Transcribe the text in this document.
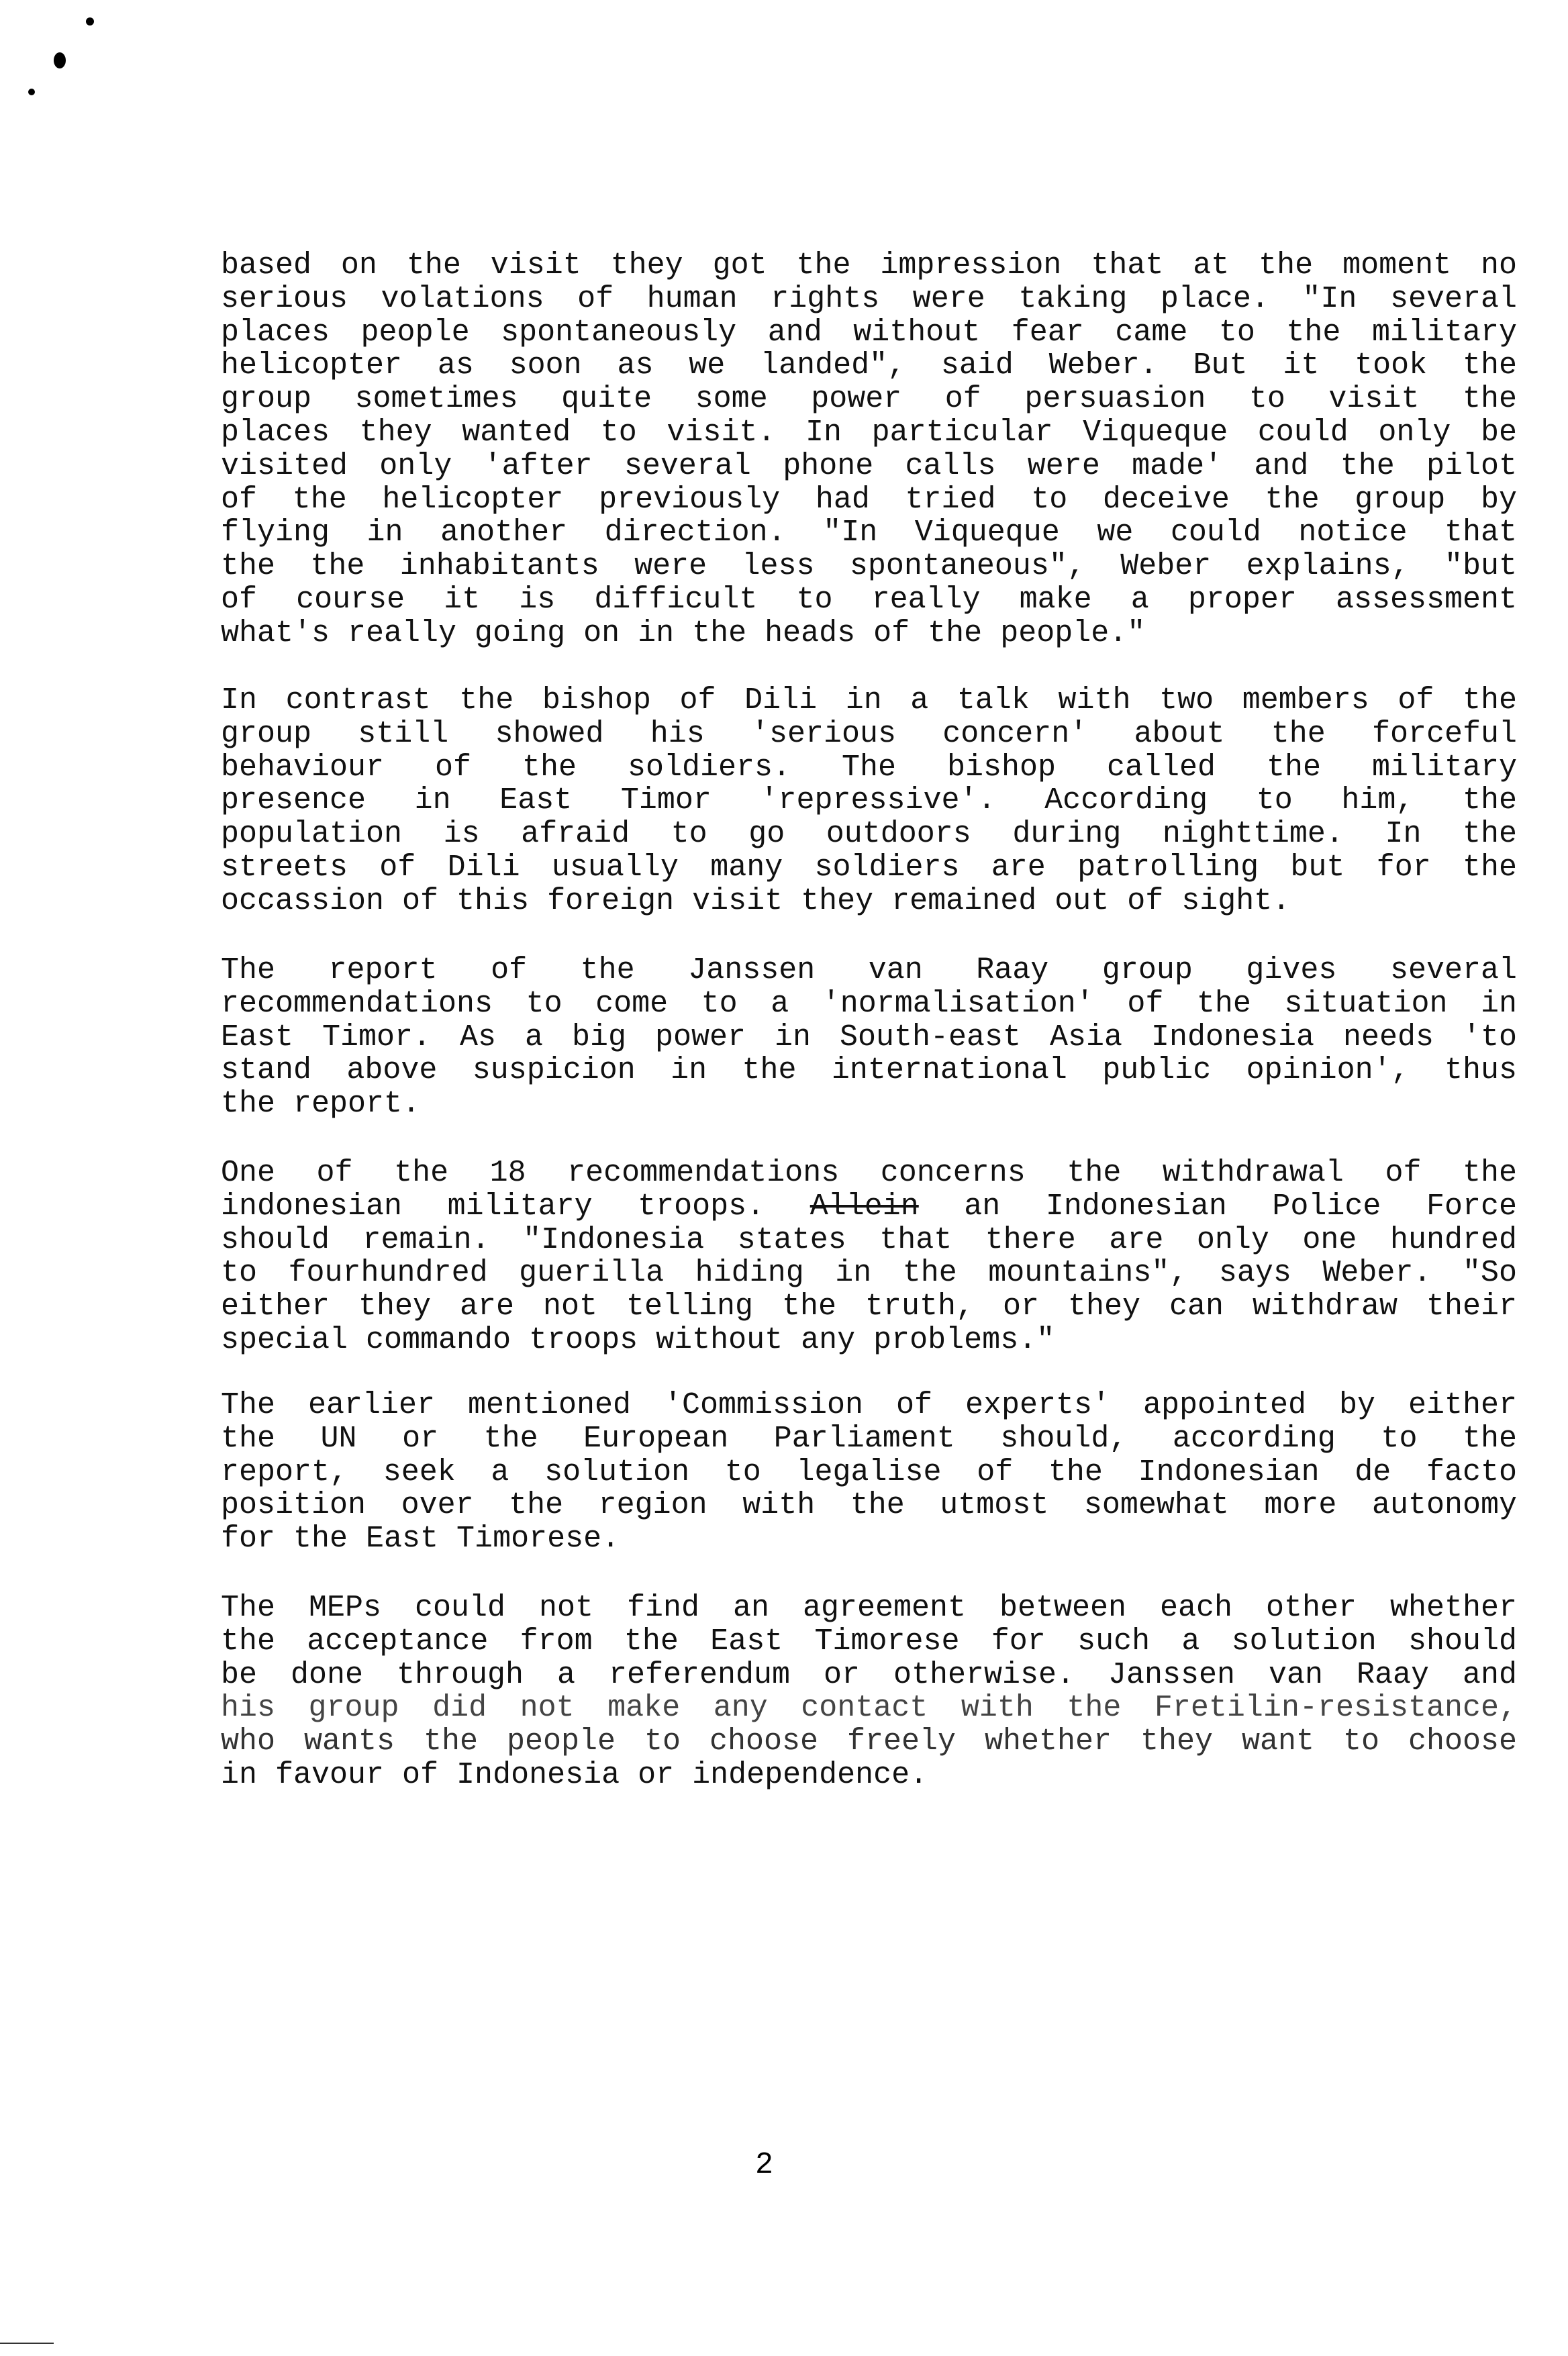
based on the visit they got the impression that at the moment no
serious volations of human rights were taking place. "In several
places people spontaneously and without fear came to the military
helicopter as soon as we landed", said Weber. But it took the
group sometimes quite some power of persuasion to visit the
places they wanted to visit. In particular Viqueque could only be
visited only 'after several phone calls were made' and the pilot
of the helicopter previously had tried to deceive the group by
flying in another direction. "In Viqueque we could notice that
the the inhabitants were less spontaneous", Weber explains, "but
of course it is difficult to really make a proper assessment
what's really going on in the heads of the people."
In contrast the bishop of Dili in a talk with two members of the
group still showed his 'serious concern' about the forceful
behaviour of the soldiers. The bishop called the military
presence in East Timor 'repressive'. According to him, the
population is afraid to go outdoors during nighttime. In the
streets of Dili usually many soldiers are patrolling but for the
occassion of this foreign visit they remained out of sight.
The report of the Janssen van Raay group gives several
recommendations to come to a 'normalisation' of the situation in
East Timor. As a big power in South-east Asia Indonesia needs 'to
stand above suspicion in the international public opinion', thus
the report.
One of the 18 recommendations concerns the withdrawal of the
indonesian military troops. Allein an Indonesian Police Force
should remain. "Indonesia states that there are only one hundred
to fourhundred guerilla hiding in the mountains", says Weber. "So
either they are not telling the truth, or they can withdraw their
special commando troops without any problems."
The earlier mentioned 'Commission of experts' appointed by either
the UN or the European Parliament should, according to the
report, seek a solution to legalise of the Indonesian de facto
position over the region with the utmost somewhat more autonomy
for the East Timorese.
The MEPs could not find an agreement between each other whether
the acceptance from the East Timorese for such a solution should
be done through a referendum or otherwise. Janssen van Raay and
his group did not make any contact with the Fretilin-resistance,
who wants the people to choose freely whether they want to choose
in favour of Indonesia or independence.
2
